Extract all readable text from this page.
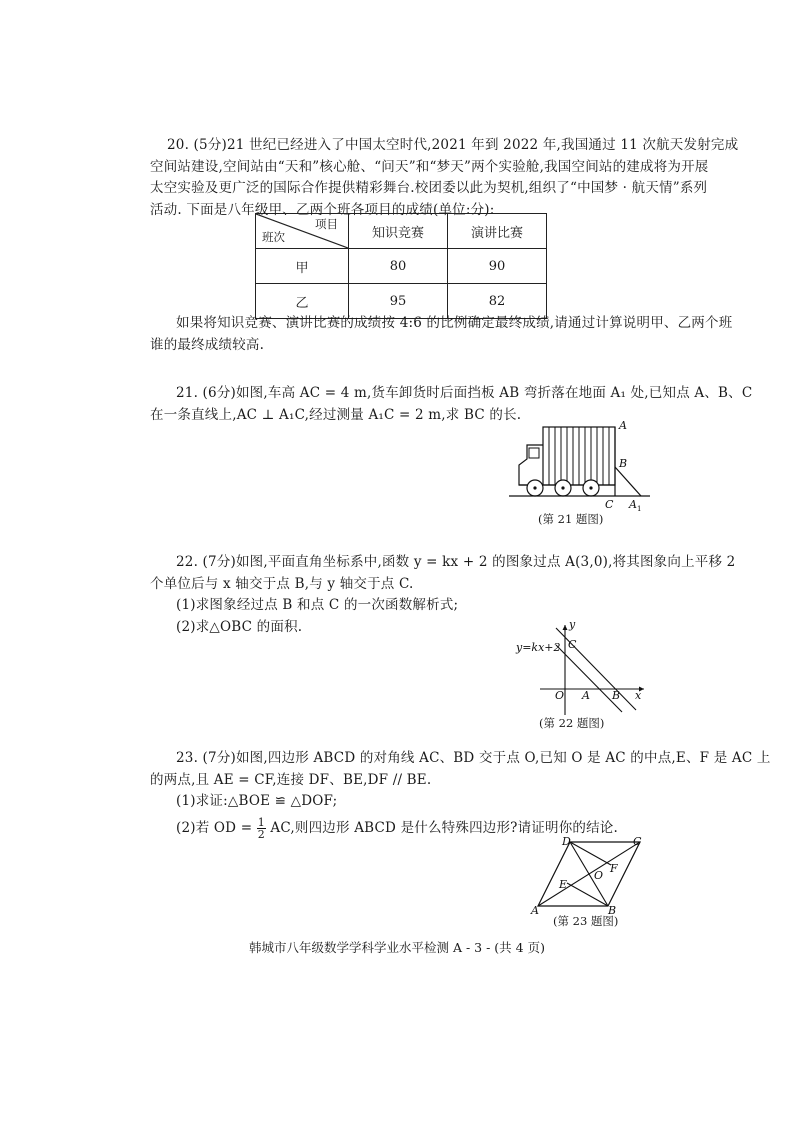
20. (5分)21 世纪已经进入了中国太空时代,2021 年到 2022 年,我国通过 11 次航天发射完成
空间站建设,空间站由“天和”核心舱、“问天”和“梦天”两个实验舱,我国空间站的建成将为开展
太空实验及更广泛的国际合作提供精彩舞台.校团委以此为契机,组织了“中国梦 · 航天情”系列
活动. 下面是八年级甲、乙两个班各项目的成绩(单位:分):
项目
班次	知识竞赛	演讲比赛
甲	80	90
乙	95	82
如果将知识竞赛、演讲比赛的成绩按 4:6 的比例确定最终成绩,请通过计算说明甲、乙两个班
谁的最终成绩较高.
21. (6分)如图,车高 AC = 4 m,货车卸货时后面挡板 AB 弯折落在地面 A₁ 处,已知点 A、B、C
在一条直线上,AC ⊥ A₁C,经过测量 A₁C = 2 m,求 BC 的长.
A
B
C A 1
(第 21 题图)
22. (7分)如图,平面直角坐标系中,函数 y = kx + 2 的图象过点 A(3,0),将其图象向上平移 2
个单位后与 x 轴交于点 B,与 y 轴交于点 C.
(1)求图象经过点 B 和点 C 的一次函数解析式;
(2)求△OBC 的面积.	y
x
O A B
C
y=kx+2
(第 22 题图)
23. (7分)如图,四边形 ABCD 的对角线 AC、BD 交于点 O,已知 O 是 AC 的中点,E、F 是 AC 上
的两点,且 AE = CF,连接 DF、BE,DF // BE.
(1)求证:△BOE ≌ △DOF;
(2)若 OD = $\frac{1}{2}$ AC,则四边形 ABCD 是什么特殊四边形?请证明你的结论.
A	B
C
D
E
F
O
(第 23 题图)
韩城市八年级数学学科学业水平检测 A - 3 - (共 4 页)
